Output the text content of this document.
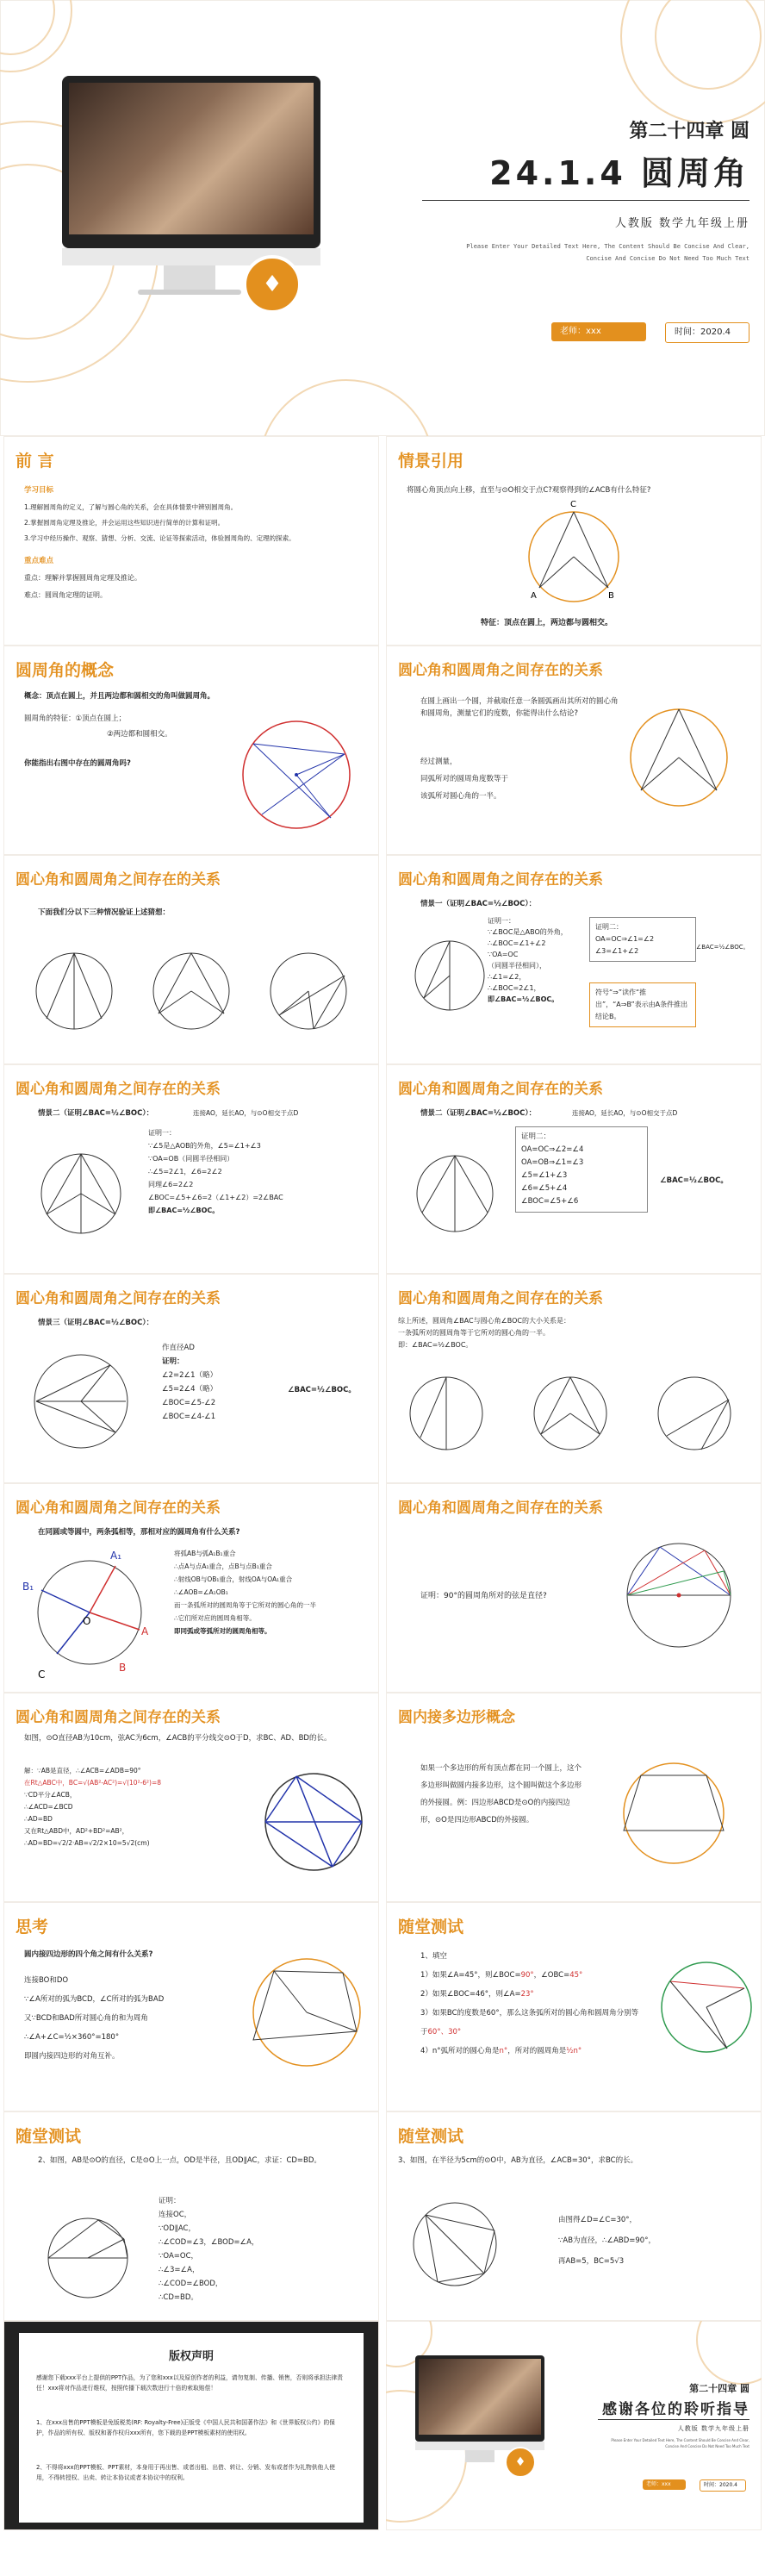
♦
第二十四章 圆
24.1.4 圆周角
人教版 数学九年级上册
Please Enter Your Detailed Text Here, The Content Should Be Concise And Clear,
Concise And Concise Do Not Need Too Much Text
老师：xxx	时间：2020.4
前 言
学习目标
1.理解圆周角的定义，了解与圆心角的关系，会在具体情景中辨别圆周角。
2.掌握圆周角定理及推论，并会运用这些知识进行简单的计算和证明。
3.学习中经历操作、观察、猜想、分析、交流、论证等探索活动，体验圆周角的、定理的探索。
重点难点
重点：理解并掌握圆周角定理及推论。
难点：圆周角定理的证明。
情景引用
将圆心角顶点向上移，直至与⊙O相交于点C?观察得到的∠ACB有什么特征?
C
A	B
特征：顶点在圆上，两边都与圆相交。
圆周角的概念
概念：顶点在圆上，并且两边都和圆相交的角叫做圆周角。
圆周角的特征：①顶点在圆上；
②两边都和圆相交。
你能指出右图中存在的圆周角吗?
圆心角和圆周角之间存在的关系
在圆上画出一个圆，并截取任意一条圆弧画出其所对的圆心角和圆周角，测量它们的度数，你能得出什么结论?
经过测量，
同弧所对的圆周角度数等于
该弧所对圆心角的一半。
圆心角和圆周角之间存在的关系
下面我们分以下三种情况验证上述猜想：
圆心角和圆周角之间存在的关系
情景一（证明∠BAC=½∠BOC）：
证明一：
∵∠BOC是△ABO的外角，
∴∠BOC=∠1+∠2
∵OA=OC
（同圆半径相同），
∴∠1=∠2，
∴∠BOC=2∠1，
即∠BAC=½∠BOC。
证明二：
OA=OC⇒∠1=∠2
∠3=∠1+∠2	∠BAC=½∠BOC。
符号“⇒”读作“推出”，“A⇒B”表示由A条件推出结论B。
圆心角和圆周角之间存在的关系
情景二（证明∠BAC=½∠BOC）：	连接AO，延长AO，与⊙O相交于点D
证明一：
∵∠5是△AOB的外角，∠5=∠1+∠3
∵OA=OB（同圆半径相同）
∴∠5=2∠1，∠6=2∠2
同理∠6=2∠2
∠BOC=∠5+∠6=2（∠1+∠2）=2∠BAC
即∠BAC=½∠BOC。
圆心角和圆周角之间存在的关系
情景二（证明∠BAC=½∠BOC）：	连接AO，延长AO，与⊙O相交于点D
证明二：
OA=OC⇒∠2=∠4
OA=OB⇒∠1=∠3
∠5=∠1+∠3
∠6=∠5+∠4
∠BOC=∠5+∠6
∠BAC=½∠BOC。
圆心角和圆周角之间存在的关系
情景三（证明∠BAC=½∠BOC）：
作直径AD
证明：
∠2=2∠1（略）
∠5=2∠4（略）
∠BOC=∠5-∠2
∠BOC=∠4-∠1
∠BAC=½∠BOC。
圆心角和圆周角之间存在的关系
综上所述，圆周角∠BAC与圆心角∠BOC的大小关系是：
一条弧所对的圆周角等于它所对的圆心角的一半。
即：∠BAC=½∠BOC。
圆心角和圆周角之间存在的关系
在同圆或等圆中，两条弧相等，那相对应的圆周角有什么关系?
A₁
B₁
A
B
O
C
将弧AB与弧A₁B₁重合
∴点A与点A₁重合，点B与点B₁重合
∴射线OB与OB₁重合，射线OA与OA₁重合
∴∠AOB=∠A₁OB₁
而一条弧所对的圆周角等于它所对的圆心角的一半
∴它们所对应的圆周角相等。
即同弧或等弧所对的圆周角相等。
圆心角和圆周角之间存在的关系
证明：90°的圆周角所对的弦是直径?
圆心角和圆周角之间存在的关系
如图，⊙O直径AB为10cm，弦AC为6cm，∠ACB的平分线交⊙O于D，求BC、AD、BD的长。
解：∵AB是直径，∴∠ACB=∠ADB=90°
在Rt△ABC中，BC=√(AB²-AC²)=√(10²-6²)=8
∵CD平分∠ACB，
∴∠ACD=∠BCD
∴AD=BD
又在Rt△ABD中，AD²+BD²=AB²，
∴AD=BD=√2/2·AB=√2/2×10=5√2(cm)
圆内接多边形概念
如果一个多边形的所有顶点都在同一个圆上，这个多边形叫做圆内接多边形，这个圆叫做这个多边形的外接圆。例：四边形ABCD是⊙O的内接四边形，⊙O是四边形ABCD的外接圆。
思考
圆内接四边形的四个角之间有什么关系?
连接BO和DO
∵∠A所对的弧为BCD，∠C所对的弧为BAD
又∵BCD和BAD所对圆心角的和为周角
∴∠A+∠C=½×360°=180°
即圆内接四边形的对角互补。
随堂测试
1、填空
1）如果∠A=45°，则∠BOC=90°，∠OBC=45°
2）如果∠BOC=46°，则∠A=23°
3）如果BC的度数是60°，那么这条弧所对的圆心角和圆周角分别等于60°、30°
4）n°弧所对的圆心角是n°，所对的圆周角是½n°
随堂测试
2、如图，AB是⊙O的直径，C是⊙O上一点，OD是半径，且OD∥AC，求证：CD=BD。
证明：
连接OC，
∵OD∥AC，
∴∠COD=∠3，∠BOD=∠A，
∵OA=OC，
∴∠3=∠A，
∴∠COD=∠BOD，
∴CD=BD。
随堂测试
3、如图，在半径为5cm的⊙O中，AB为直径，∠ACB=30°，求BC的长。
由图得∠D=∠C=30°，
∵AB为直径，∴∠ABD=90°，
再AB=5，BC=5√3
版权声明
感谢您下载xxx平台上提供的PPT作品，为了您和xxx以及原创作者的利益，请勿复制、传播、销售，否则将承担法律责任！xxx将对作品进行维权，按照传播下载次数进行十倍的索取赔偿！
1、在xxx出售的PPT模板是免版税类(RF: Royalty-Free)正版受《中国人民共和国著作法》和《世界版权公约》的保护，作品的所有权、版权和著作权归xxx所有，您下载的是PPT模板素材的使用权。
2、不得将xxx的PPT模板、PPT素材，本身用于再出售、或者出租、出借、转让、分销、发布或者作为礼物供他人使用，不得转授权、出卖、转让本协议或者本协议中的权利。
♦
第二十四章 圆
感谢各位的聆听指导
人教版 数学九年级上册
Please Enter Your Detailed Text Here, The Content Should Be Concise And Clear,
Concise And Concise Do Not Need Too Much Text
老师：xxx	时间：2020.4
